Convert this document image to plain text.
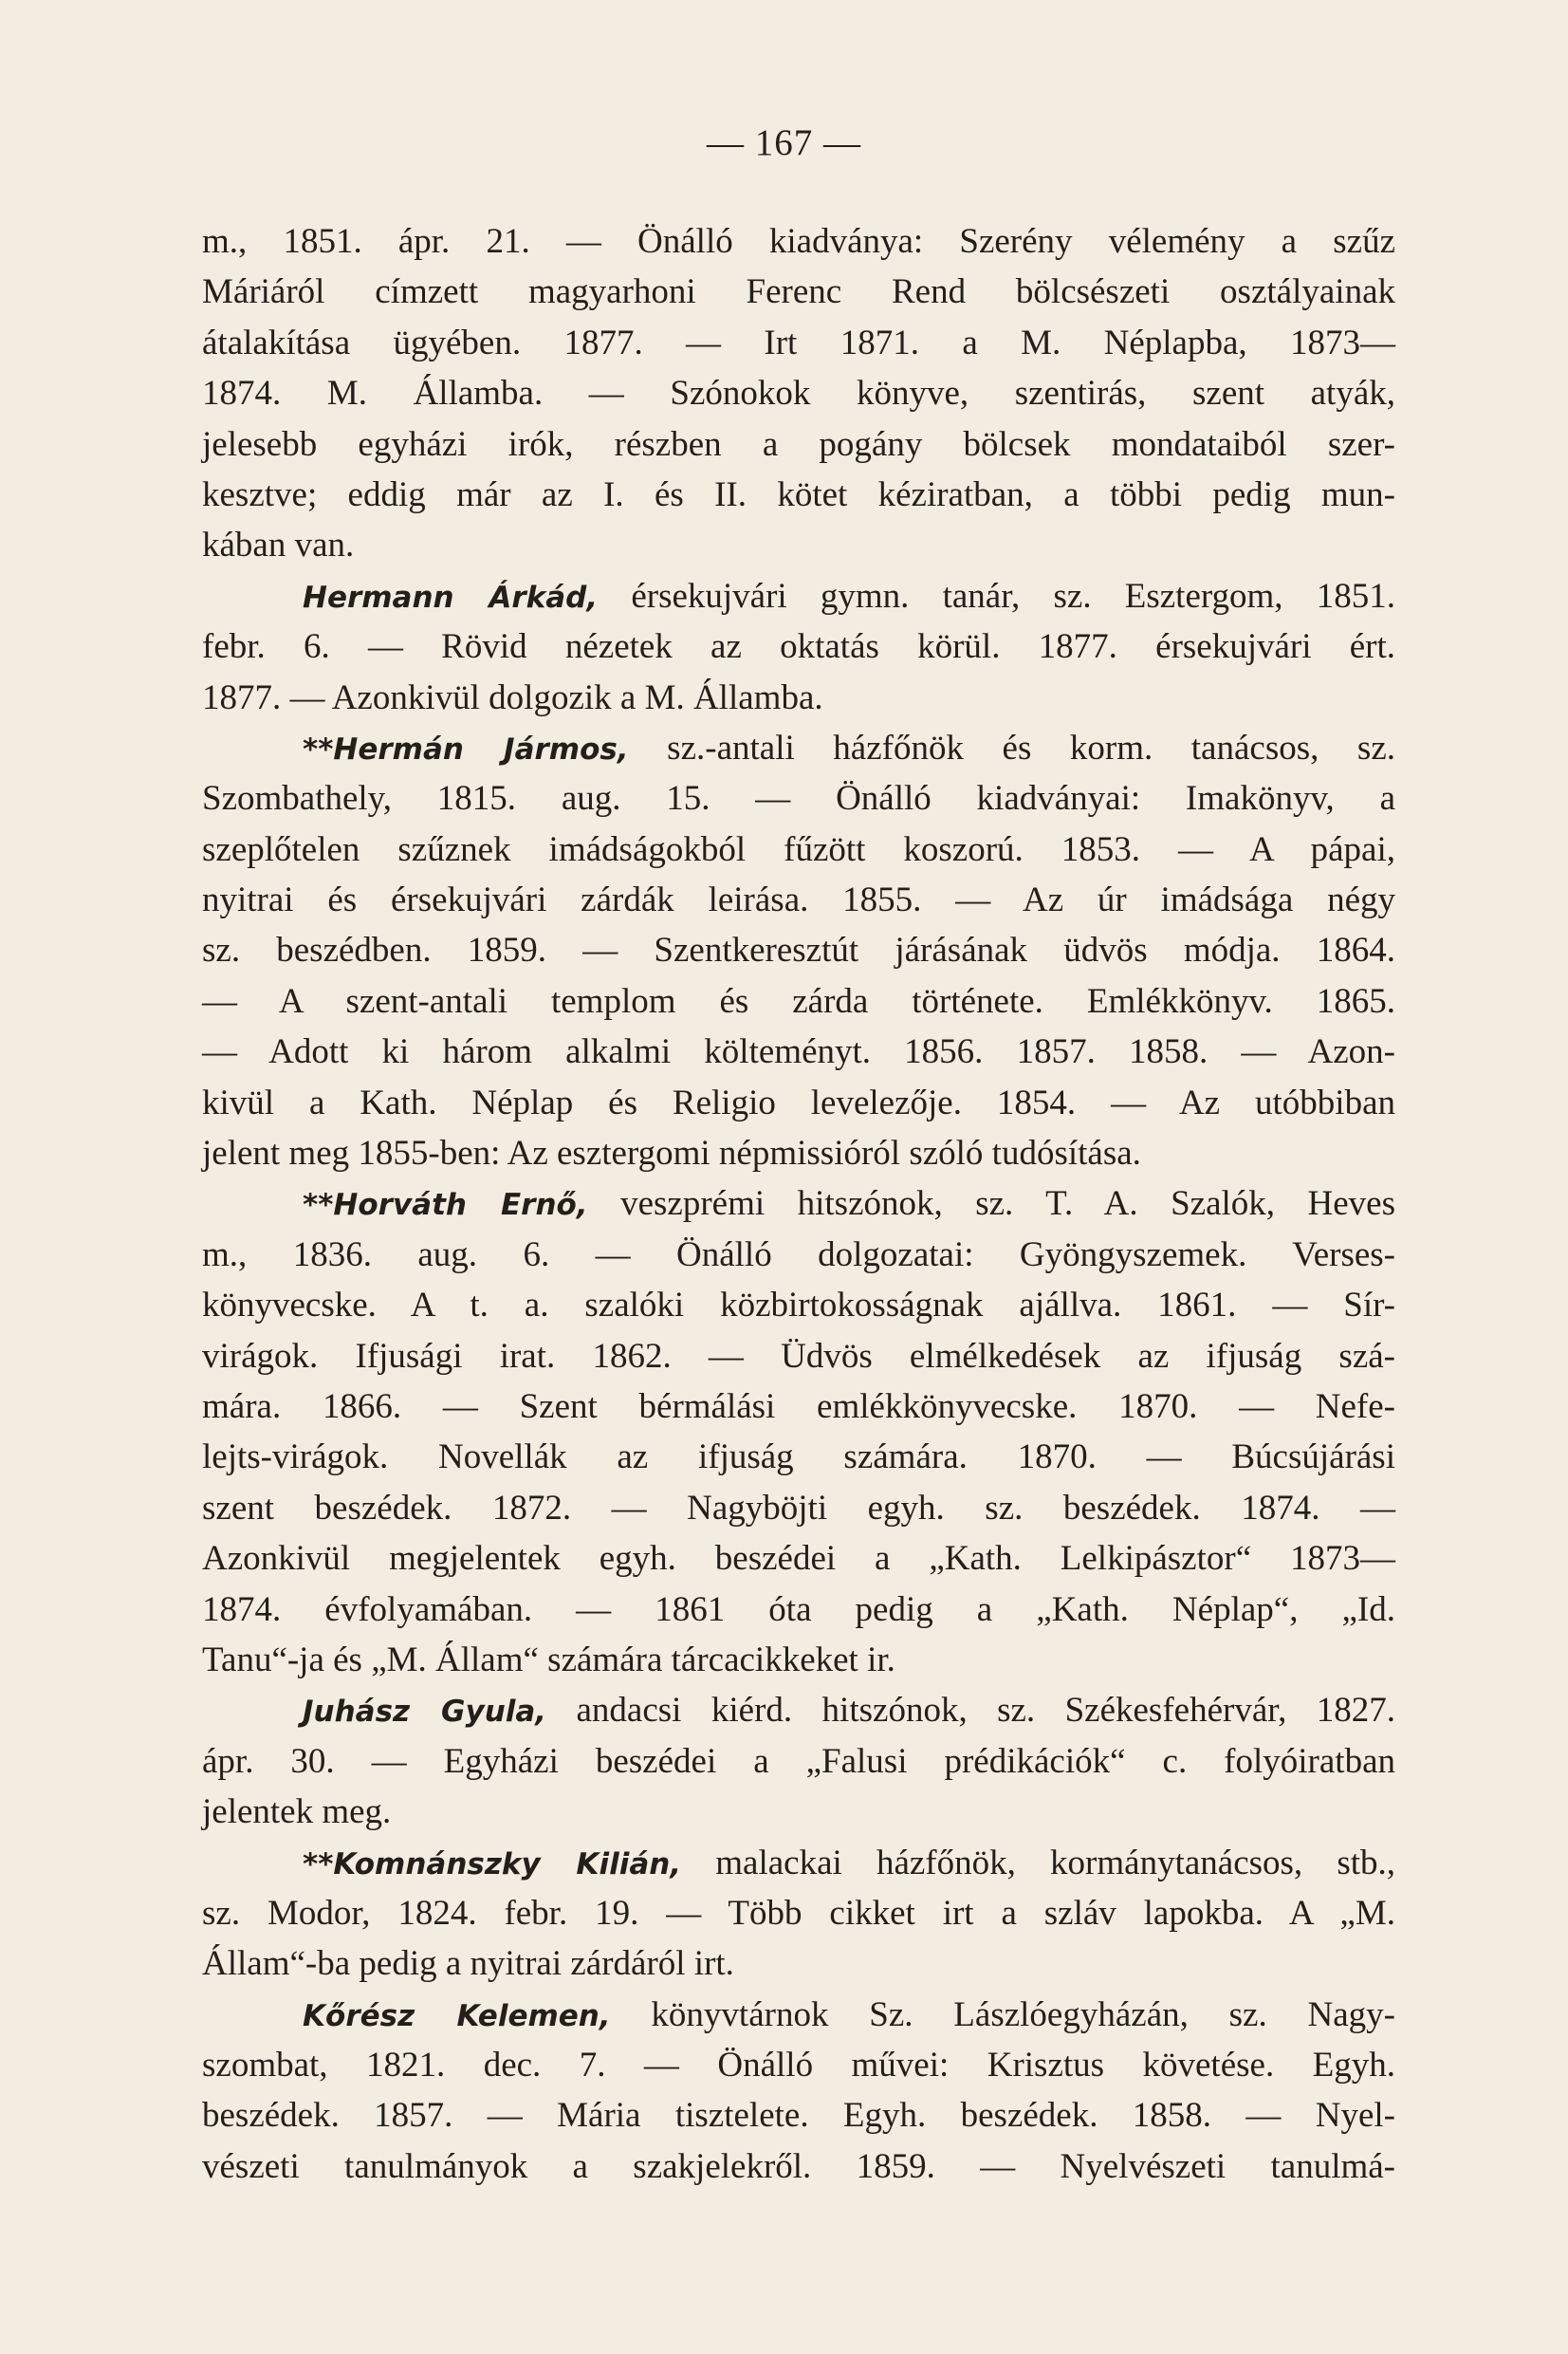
— 167 —
m., 1851. ápr. 21. — Önálló kiadványa: Szerény vélemény a szűz
Máriáról címzett magyarhoni Ferenc Rend bölcsészeti osztályainak
átalakítása ügyében. 1877. — Irt 1871. a M. Néplapba, 1873—
1874. M. Államba. — Szónokok könyve, szentirás, szent atyák,
jelesebb egyházi irók, részben a pogány bölcsek mondataiból szer-
kesztve; eddig már az I. és II. kötet kéziratban, a többi pedig mun-
kában van.
Hermann Árkád, érsekujvári gymn. tanár, sz. Esztergom, 1851.
febr. 6. — Rövid nézetek az oktatás körül. 1877. érsekujvári ért.
1877. — Azonkivül dolgozik a M. Államba.
**Hermán Jármos, sz.-antali házfőnök és korm. tanácsos, sz.
Szombathely, 1815. aug. 15. — Önálló kiadványai: Imakönyv, a
szeplőtelen szűznek imádságokból fűzött koszorú. 1853. — A pápai,
nyitrai és érsekujvári zárdák leirása. 1855. — Az úr imádsága négy
sz. beszédben. 1859. — Szentkeresztút járásának üdvös módja. 1864.
— A szent-antali templom és zárda története. Emlékkönyv. 1865.
— Adott ki három alkalmi költeményt. 1856. 1857. 1858. — Azon-
kivül a Kath. Néplap és Religio levelezője. 1854. — Az utóbbiban
jelent meg 1855-ben: Az esztergomi népmissióról szóló tudósítása.
**Horváth Ernő, veszprémi hitszónok, sz. T. A. Szalók, Heves
m., 1836. aug. 6. — Önálló dolgozatai: Gyöngyszemek. Verses-
könyvecske. A t. a. szalóki közbirtokosságnak ajállva. 1861. — Sír-
virágok. Ifjusági irat. 1862. — Üdvös elmélkedések az ifjuság szá-
mára. 1866. — Szent bérmálási emlékkönyvecske. 1870. — Nefe-
lejts-virágok. Novellák az ifjuság számára. 1870. — Búcsújárási
szent beszédek. 1872. — Nagyböjti egyh. sz. beszédek. 1874. —
Azonkivül megjelentek egyh. beszédei a „Kath. Lelkipásztor“ 1873—
1874. évfolyamában. — 1861 óta pedig a „Kath. Néplap“, „Id.
Tanu“-ja és „M. Állam“ számára tárcacikkeket ir.
Juhász Gyula, andacsi kiérd. hitszónok, sz. Székesfehérvár, 1827.
ápr. 30. — Egyházi beszédei a „Falusi prédikációk“ c. folyóiratban
jelentek meg.
**Komnánszky Kilián, malackai házfőnök, kormánytanácsos, stb.,
sz. Modor, 1824. febr. 19. — Több cikket irt a szláv lapokba. A „M.
Állam“-ba pedig a nyitrai zárdáról irt.
Kőrész Kelemen, könyvtárnok Sz. Lászlóegyházán, sz. Nagy-
szombat, 1821. dec. 7. — Önálló művei: Krisztus követése. Egyh.
beszédek. 1857. — Mária tisztelete. Egyh. beszédek. 1858. — Nyel-
vészeti tanulmányok a szakjelekről. 1859. — Nyelvészeti tanulmá-
